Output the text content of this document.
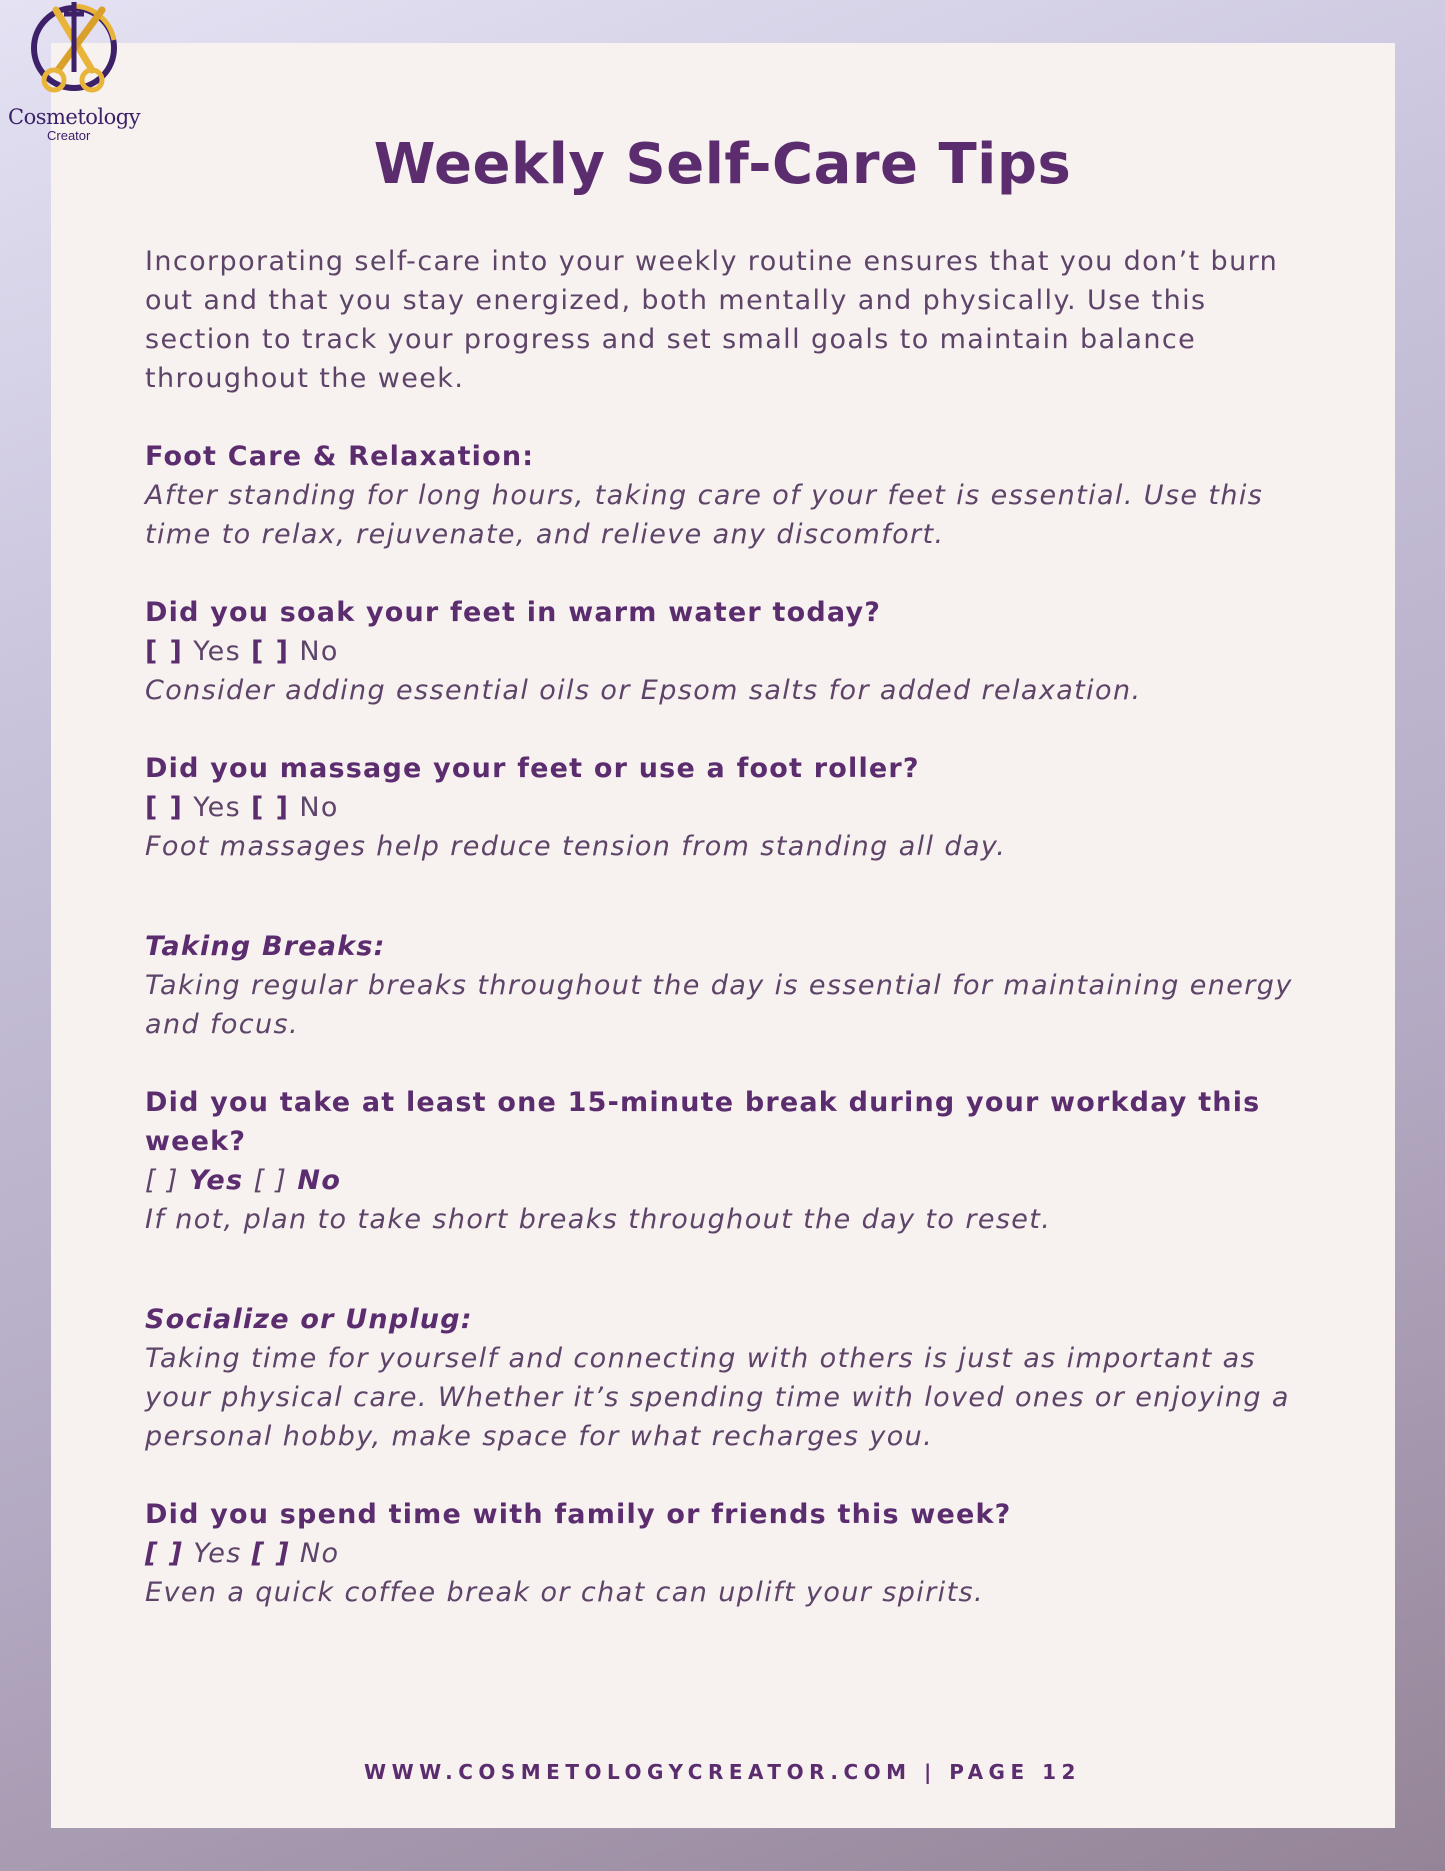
Cosmetology
Creator	Weekly Self-Care Tips

Incorporating self-care into your weekly routine ensures that you don’t burn out and that you stay energized, both mentally and physically. Use this section to track your progress and set small goals to maintain balance throughout the week.

Foot Care & Relaxation:

After standing for long hours, taking care of your feet is essential. Use this time to relax, rejuvenate, and relieve any discomfort.

Did you soak your feet in warm water today?

[ ] Yes [ ] No

Consider adding essential oils or Epsom salts for added relaxation.

Did you massage your feet or use a foot roller?

[ ] Yes [ ] No

Foot massages help reduce tension from standing all day.

Taking Breaks:

Taking regular breaks throughout the day is essential for maintaining energy and focus.

Did you take at least one 15-minute break during your workday this week?

[ ] Yes [ ] No

If not, plan to take short breaks throughout the day to reset.

Socialize or Unplug:

Taking time for yourself and connecting with others is just as important as your physical care. Whether it’s spending time with loved ones or enjoying a personal hobby, make space for what recharges you.

Did you spend time with family or friends this week?

[ ] Yes [ ] No

Even a quick coffee break or chat can uplift your spirits.

WWW.COSMETOLOGYCREATOR.COM | PAGE 12
